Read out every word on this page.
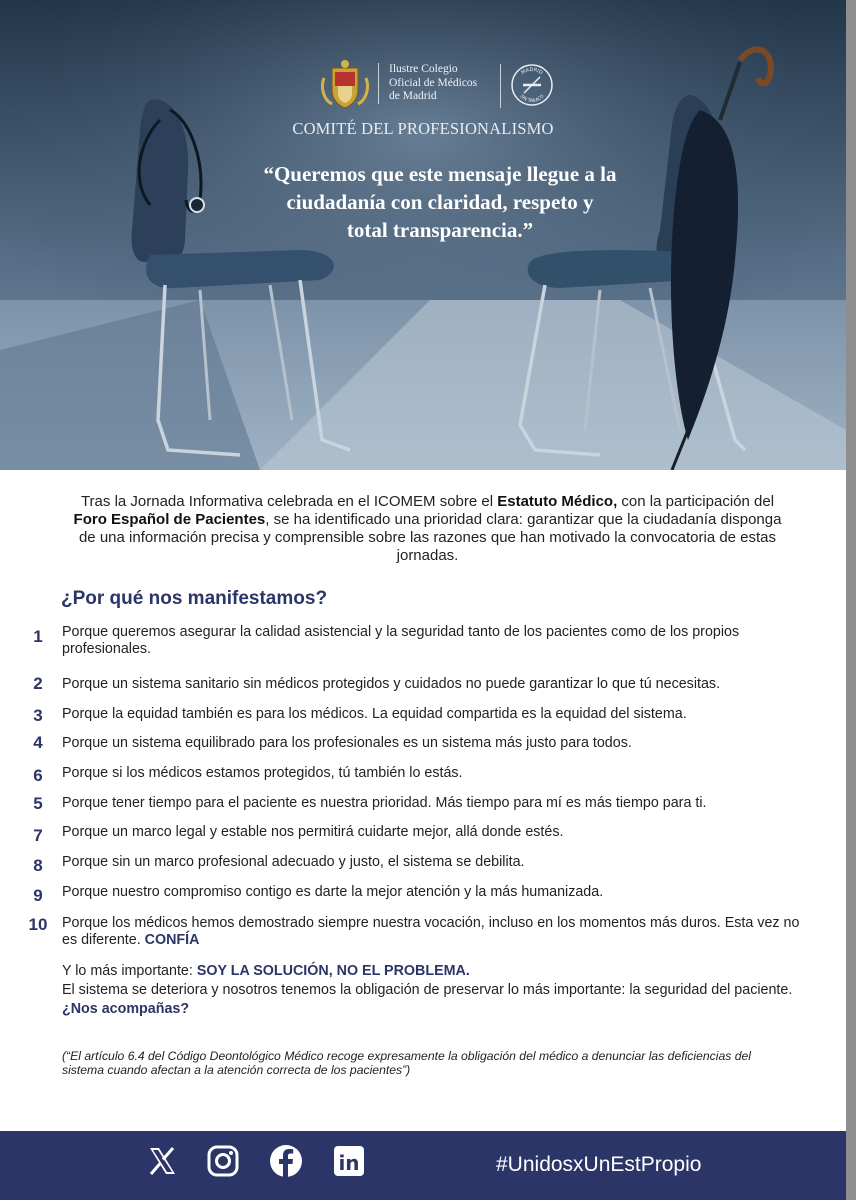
Ilustre Colegio
Oficial de Médicos
de Madrid
MADRID
SIN TABACO
COMITÉ DEL PROFESIONALISMO
“Queremos que este mensaje llegue a la
ciudadanía con claridad, respeto y
total transparencia.”
Tras la Jornada Informativa celebrada en el ICOMEM sobre el Estatuto Médico, con la participación del Foro Español de Pacientes, se ha identificado una prioridad clara: garantizar que la ciudadanía disponga de una información precisa y comprensible sobre las razones que han motivado la convocatoria de estas jornadas.
¿Por qué nos manifestamos?
1	Porque queremos asegurar la calidad asistencial y la seguridad tanto de los pacientes como de los propios profesionales.
2	Porque un sistema sanitario sin médicos protegidos y cuidados no puede garantizar lo que tú necesitas.
3	Porque la equidad también es para los médicos. La equidad compartida es la equidad del sistema.
4	Porque un sistema equilibrado para los profesionales es un sistema más justo para todos.
6	Porque si los médicos estamos protegidos, tú también lo estás.
5	Porque tener tiempo para el paciente es nuestra prioridad. Más tiempo para mí es más tiempo para ti.
7	Porque un marco legal y estable nos permitirá cuidarte mejor, allá donde estés.
8	Porque sin un marco profesional adecuado y justo, el sistema se debilita.
9	Porque nuestro compromiso contigo es darte la mejor atención y la más humanizada.
10	Porque los médicos hemos demostrado siempre nuestra vocación, incluso en los momentos más duros. Esta vez no es diferente. CONFÍA
Y lo más importante: SOY LA SOLUCIÓN, NO EL PROBLEMA.
El sistema se deteriora y nosotros tenemos la obligación de preservar lo más importante: la seguridad del paciente. ¿Nos acompañas?
(“El artículo 6.4 del Código Deontológico Médico recoge expresamente la obligación del médico a denunciar las deficiencias del sistema cuando afectan a la atención correcta de los pacientes”)
in	#UnidosxUnEstPropio
